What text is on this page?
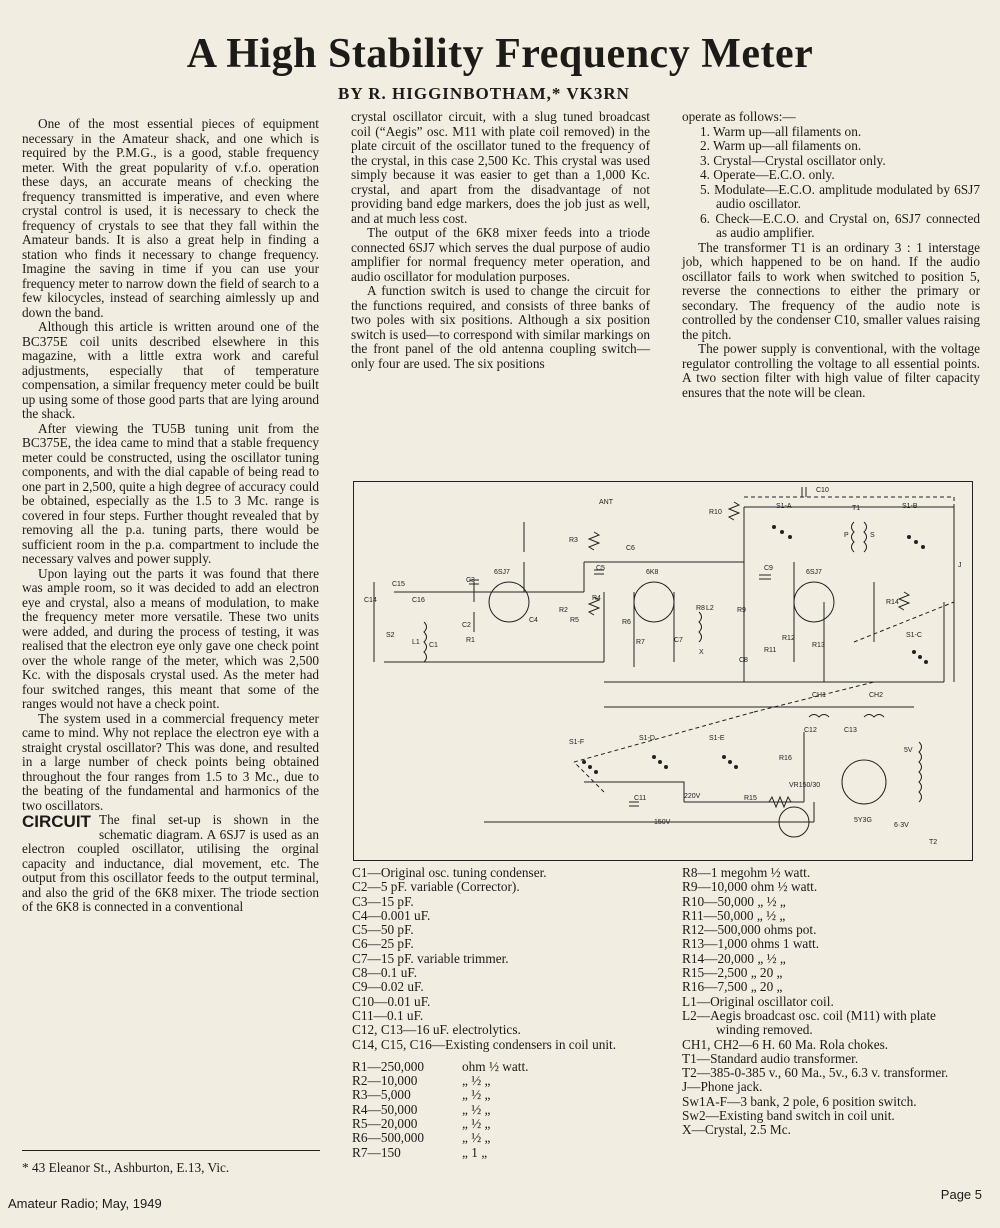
A High Stability Frequency Meter
BY R. HIGGINBOTHAM,* VK3RN

One of the most essential pieces of equipment necessary in the Amateur shack, and one which is required by the P.M.G., is a good, stable frequency meter. With the great popularity of v.f.o. operation these days, an accurate means of checking the frequency transmitted is imperative, and even where crystal control is used, it is necessary to check the frequency of crystals to see that they fall within the Amateur bands. It is also a great help in finding a station who finds it necessary to change frequency. Imagine the saving in time if you can use your frequency meter to narrow down the field of search to a few kilocycles, instead of searching aimlessly up and down the band.

Although this article is written around one of the BC375E coil units described elsewhere in this magazine, with a little extra work and careful adjustments, especially that of temperature compensation, a similar frequency meter could be built up using some of those good parts that are lying around the shack.

After viewing the TU5B tuning unit from the BC375E, the idea came to mind that a stable frequency meter could be constructed, using the oscillator tuning components, and with the dial capable of being read to one part in 2,500, quite a high degree of accuracy could be obtained, especially as the 1.5 to 3 Mc. range is covered in four steps. Further thought revealed that by removing all the p.a. tuning parts, there would be sufficient room in the p.a. compartment to include the necessary valves and power supply.

Upon laying out the parts it was found that there was ample room, so it was decided to add an electron eye and crystal, also a means of modulation, to make the frequency meter more versatile. These two units were added, and during the process of testing, it was realised that the electron eye only gave one check point over the whole range of the meter, which was 2,500 Kc. with the disposals crystal used. As the meter had four switched ranges, this meant that some of the ranges would not have a check point.

The system used in a commercial frequency meter came to mind. Why not replace the electron eye with a straight crystal oscillator? This was done, and resulted in a large number of check points being obtained throughout the four ranges from 1.5 to 3 Mc., due to the beating of the fundamental and harmonics of the two oscillators.

CIRCUIT The final set-up is shown in the schematic diagram. A 6SJ7 is used as an electron coupled oscillator, utilising the orginal capacity and inductance, dial movement, etc. The output from this oscillator feeds to the output terminal, and also the grid of the 6K8 mixer. The triode section of the 6K8 is connected in a conventional

crystal oscillator circuit, with a slug tuned broadcast coil (“Aegis” osc. M11 with plate coil removed) in the plate circuit of the oscillator tuned to the frequency of the crystal, in this case 2,500 Kc. This crystal was used simply because it was easier to get than a 1,000 Kc. crystal, and apart from the disadvantage of not providing band edge markers, does the job just as well, and at much less cost.

The output of the 6K8 mixer feeds into a triode connected 6SJ7 which serves the dual purpose of audio amplifier for normal frequency meter operation, and audio oscillator for modulation purposes.

A function switch is used to change the circuit for the functions required, and consists of three banks of two poles with six positions. Although a six position switch is used—to correspond with similar markings on the front panel of the old antenna coupling switch—only four are used. The six positions

operate as follows:—
1. Warm up—all filaments on.
2. Warm up—all filaments on.
3. Crystal—Crystal oscillator only.
4. Operate—E.C.O. only.
5. Modulate—E.C.O. amplitude modulated by 6SJ7 audio oscillator.
6. Check—E.C.O. and Crystal on, 6SJ7 connected as audio amplifier.

The transformer T1 is an ordinary 3 : 1 interstage job, which happened to be on hand. If the audio oscillator fails to work when switched to position 5, reverse the connections to either the primary or secondary. The frequency of the audio note is controlled by the condenser C10, smaller values raising the pitch.

The power supply is conventional, with the voltage regulator controlling the voltage to all essential points. A two section filter with high value of filter capacity ensures that the note will be clean.

ANT
6SJ7	6K8	6SJ7
5Y3G
VR150/30
C1
C2
C3
C4
C5
C6
C7
C8
C9
C10
C11
C12	C13
C14
C15
C16
R1
R2
R3
R4
R5	R6
R7
R8	R9
R10
R11
R12
R13
R14
R15
R16
L1
L2
S2
T1
T2
CH1	CH2
J
X
S1-A	S1-B
S1-C
S1-D	S1-E
S1-F
220V
150V
5V
6·3V
P	S
C1—Original osc. tuning condenser.
C2—5 pF. variable (Corrector).
C3—15 pF.
C4—0.001 uF.
C5—50 pF.
C6—25 pF.
C7—15 pF. variable trimmer.
C8—0.1 uF.
C9—0.02 uF.
C10—0.01 uF.
C11—0.1 uF.
C12, C13—16 uF. electrolytics.
C14, C15, C16—Existing condensers in coil unit.
R1—250,000	ohm ½ watt.
R2—10,000	„ ½ „
R3—5,000	„ ½ „
R4—50,000	„ ½ „
R5—20,000	„ ½ „
R6—500,000	„ ½ „
R7—150	„ 1 „
R8—1 megohm ½ watt.
R9—10,000 ohm ½ watt.
R10—50,000 „ ½ „
R11—50,000 „ ½ „
R12—500,000 ohms pot.
R13—1,000 ohms 1 watt.
R14—20,000 „ ½ „
R15—2,500 „ 20 „
R16—7,500 „ 20 „
L1—Original oscillator coil.
L2—Aegis broadcast osc. coil (M11) with plate winding removed.
CH1, CH2—6 H. 60 Ma. Rola chokes.
T1—Standard audio transformer.
T2—385-0-385 v., 60 Ma., 5v., 6.3 v. transformer.
J—Phone jack.
Sw1A-F—3 bank, 2 pole, 6 position switch.
Sw2—Existing band switch in coil unit.
X—Crystal, 2.5 Mc.
* 43 Eleanor St., Ashburton, E.13, Vic.
Amateur Radio; May, 1949
Page 5
